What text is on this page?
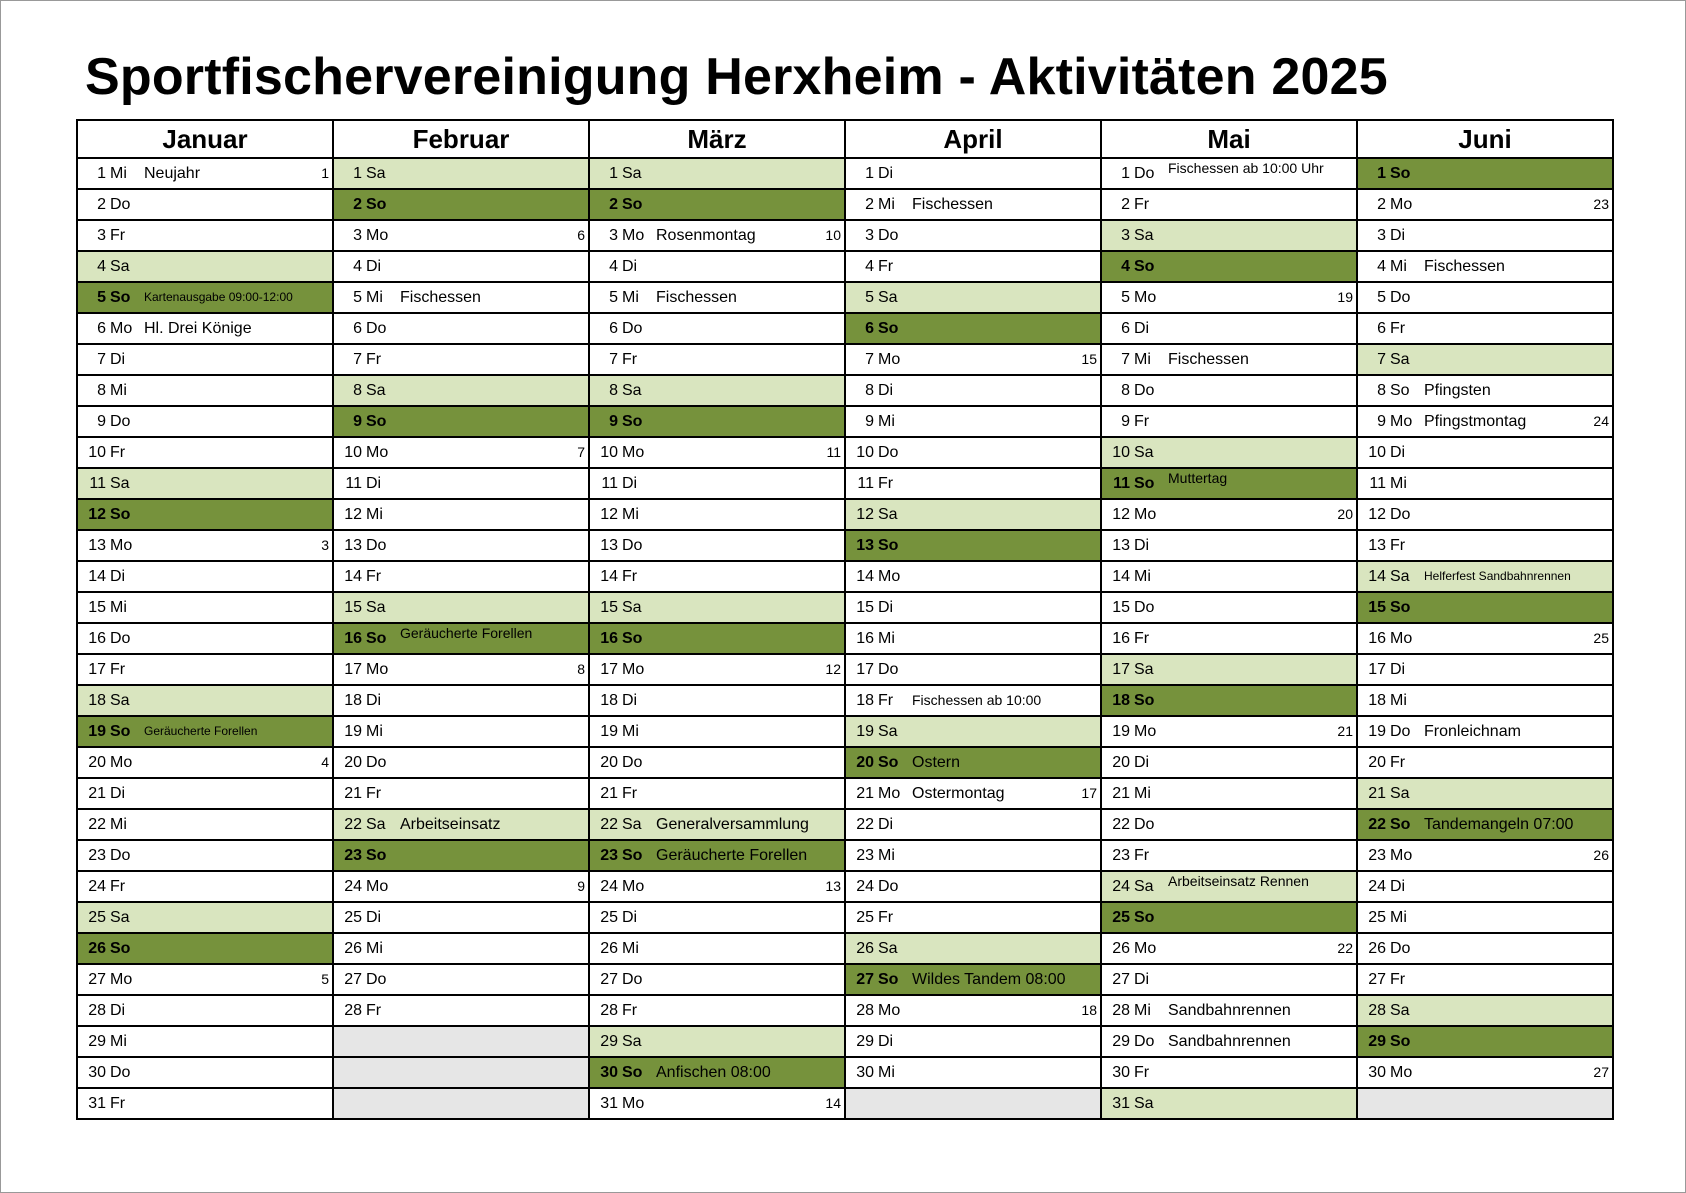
Sportfischervereinigung Herxheim - Aktivitäten 2025
Januar	Februar	März	April	Mai	Juni

1 Mi Neujahr 1	1 Sa	1 Sa	1 Di	1 Do Fischessen ab 10:00 Uhr	1 So

2 Do	2 So	2 So	2 Mi Fischessen	2 Fr	2 Mo 23

3 Fr	3 Mo 6	3 Mo Rosenmontag 10	3 Do	3 Sa	3 Di

4 Sa	4 Di	4 Di	4 Fr	4 So	4 Mi Fischessen

5 So Kartenausgabe 09:00-12:00	5 Mi Fischessen	5 Mi Fischessen	5 Sa	5 Mo 19	5 Do

6 Mo Hl. Drei Könige	6 Do	6 Do	6 So	6 Di	6 Fr

7 Di	7 Fr	7 Fr	7 Mo 15	7 Mi Fischessen	7 Sa

8 Mi	8 Sa	8 Sa	8 Di	8 Do	8 So Pfingsten

9 Do	9 So	9 So	9 Mi	9 Fr	9 Mo Pfingstmontag 24

10 Fr	10 Mo 7	10 Mo 11	10 Do	10 Sa	10 Di

11 Sa	11 Di	11 Di	11 Fr	11 So Muttertag	11 Mi

12 So	12 Mi	12 Mi	12 Sa	12 Mo 20	12 Do

13 Mo 3	13 Do	13 Do	13 So	13 Di	13 Fr

14 Di	14 Fr	14 Fr	14 Mo	14 Mi	14 Sa Helferfest Sandbahnrennen

15 Mi	15 Sa	15 Sa	15 Di	15 Do	15 So

16 Do	16 So Geräucherte Forellen	16 So	16 Mi	16 Fr	16 Mo 25

17 Fr	17 Mo 8	17 Mo 12	17 Do	17 Sa	17 Di

18 Sa	18 Di	18 Di	18 Fr Fischessen ab 10:00	18 So	18 Mi

19 So Geräucherte Forellen	19 Mi	19 Mi	19 Sa	19 Mo 21	19 Do Fronleichnam

20 Mo 4	20 Do	20 Do	20 So Ostern	20 Di	20 Fr

21 Di	21 Fr	21 Fr	21 Mo Ostermontag 17	21 Mi	21 Sa

22 Mi	22 Sa Arbeitseinsatz	22 Sa Generalversammlung	22 Di	22 Do	22 So Tandemangeln 07:00

23 Do	23 So	23 So Geräucherte Forellen	23 Mi	23 Fr	23 Mo 26

24 Fr	24 Mo 9	24 Mo 13	24 Do	24 Sa Arbeitseinsatz Rennen	24 Di

25 Sa	25 Di	25 Di	25 Fr	25 So	25 Mi

26 So	26 Mi	26 Mi	26 Sa	26 Mo 22	26 Do

27 Mo 5	27 Do	27 Do	27 So Wildes Tandem 08:00	27 Di	27 Fr

28 Di	28 Fr	28 Fr	28 Mo 18	28 Mi Sandbahnrennen	28 Sa

29 Mi		29 Sa	29 Di	29 Do Sandbahnrennen	29 So

30 Do		30 So Anfischen 08:00	30 Mi	30 Fr	30 Mo 27

31 Fr		31 Mo 14		31 Sa	
